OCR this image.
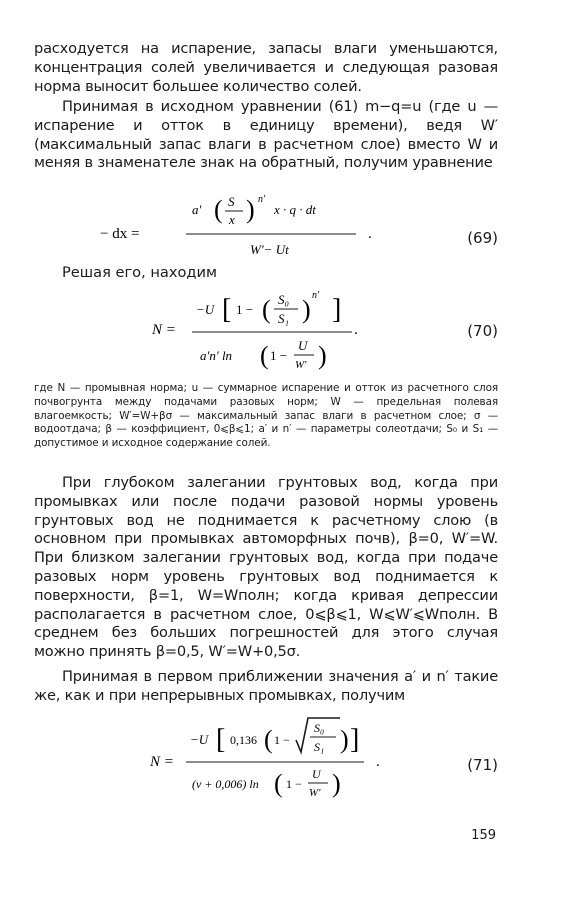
расходуется на испарение, запасы влаги уменьшаются, концентрация солей увеличивается и следующая разовая норма выносит большее количество солей.
Принимая в исходном уравнении (61) m−q=u (где u — испарение и отток в единицу времени), ведя W′ (максимальный запас влаги в расчетном слое) вместо W и меняя в знаменателе знак на обратный, получим уравнение
− dx =
a′ ( S
x ) n′
x · q · dt
W′− Ut
.	(69)
Решая его, находим
N =
−U [ 1 − ( S₀
S₁ ) n′ ]
a′n′ ln ( 1 −
U
W′ )
.	(70)
где N — промывная норма; u — суммарное испарение и отток из расчетного слоя почвогрунта между подачами разовых норм; W — предельная полевая влагоемкость; W′=W+βσ — максимальный запас влаги в расчетном слое; σ — водоотдача; β — коэффициент, 0⩽β⩽1; a′ и n′ — параметры солеотдачи; S₀ и S₁ — допустимое и исходное содержание солей.
При глубоком залегании грунтовых вод, когда при промывках или после подачи разовой нормы уровень грунтовых вод не поднимается к расчетному слою (в основном при промывках автоморфных почв), β=0, W′=W. При близком залегании грунтовых вод, когда при подаче разовых норм уровень грунтовых вод поднимается к поверхности, β=1, W=Wполн; когда кривая депрессии располагается в расчетном слое, 0⩽β⩽1, W⩽W′⩽Wполн. В среднем без больших погрешностей для этого случая можно принять β=0,5, W′=W+0,5σ.
Принимая в первом приближении значения a′ и n′ такие же, как и при непрерывных промывках, получим
N =
−U [ 0,136 ( 1 −
S₀
S₁ ) ]
(v + 0,006) ln ( 1 −
U
W′ )
.	(71)
159
